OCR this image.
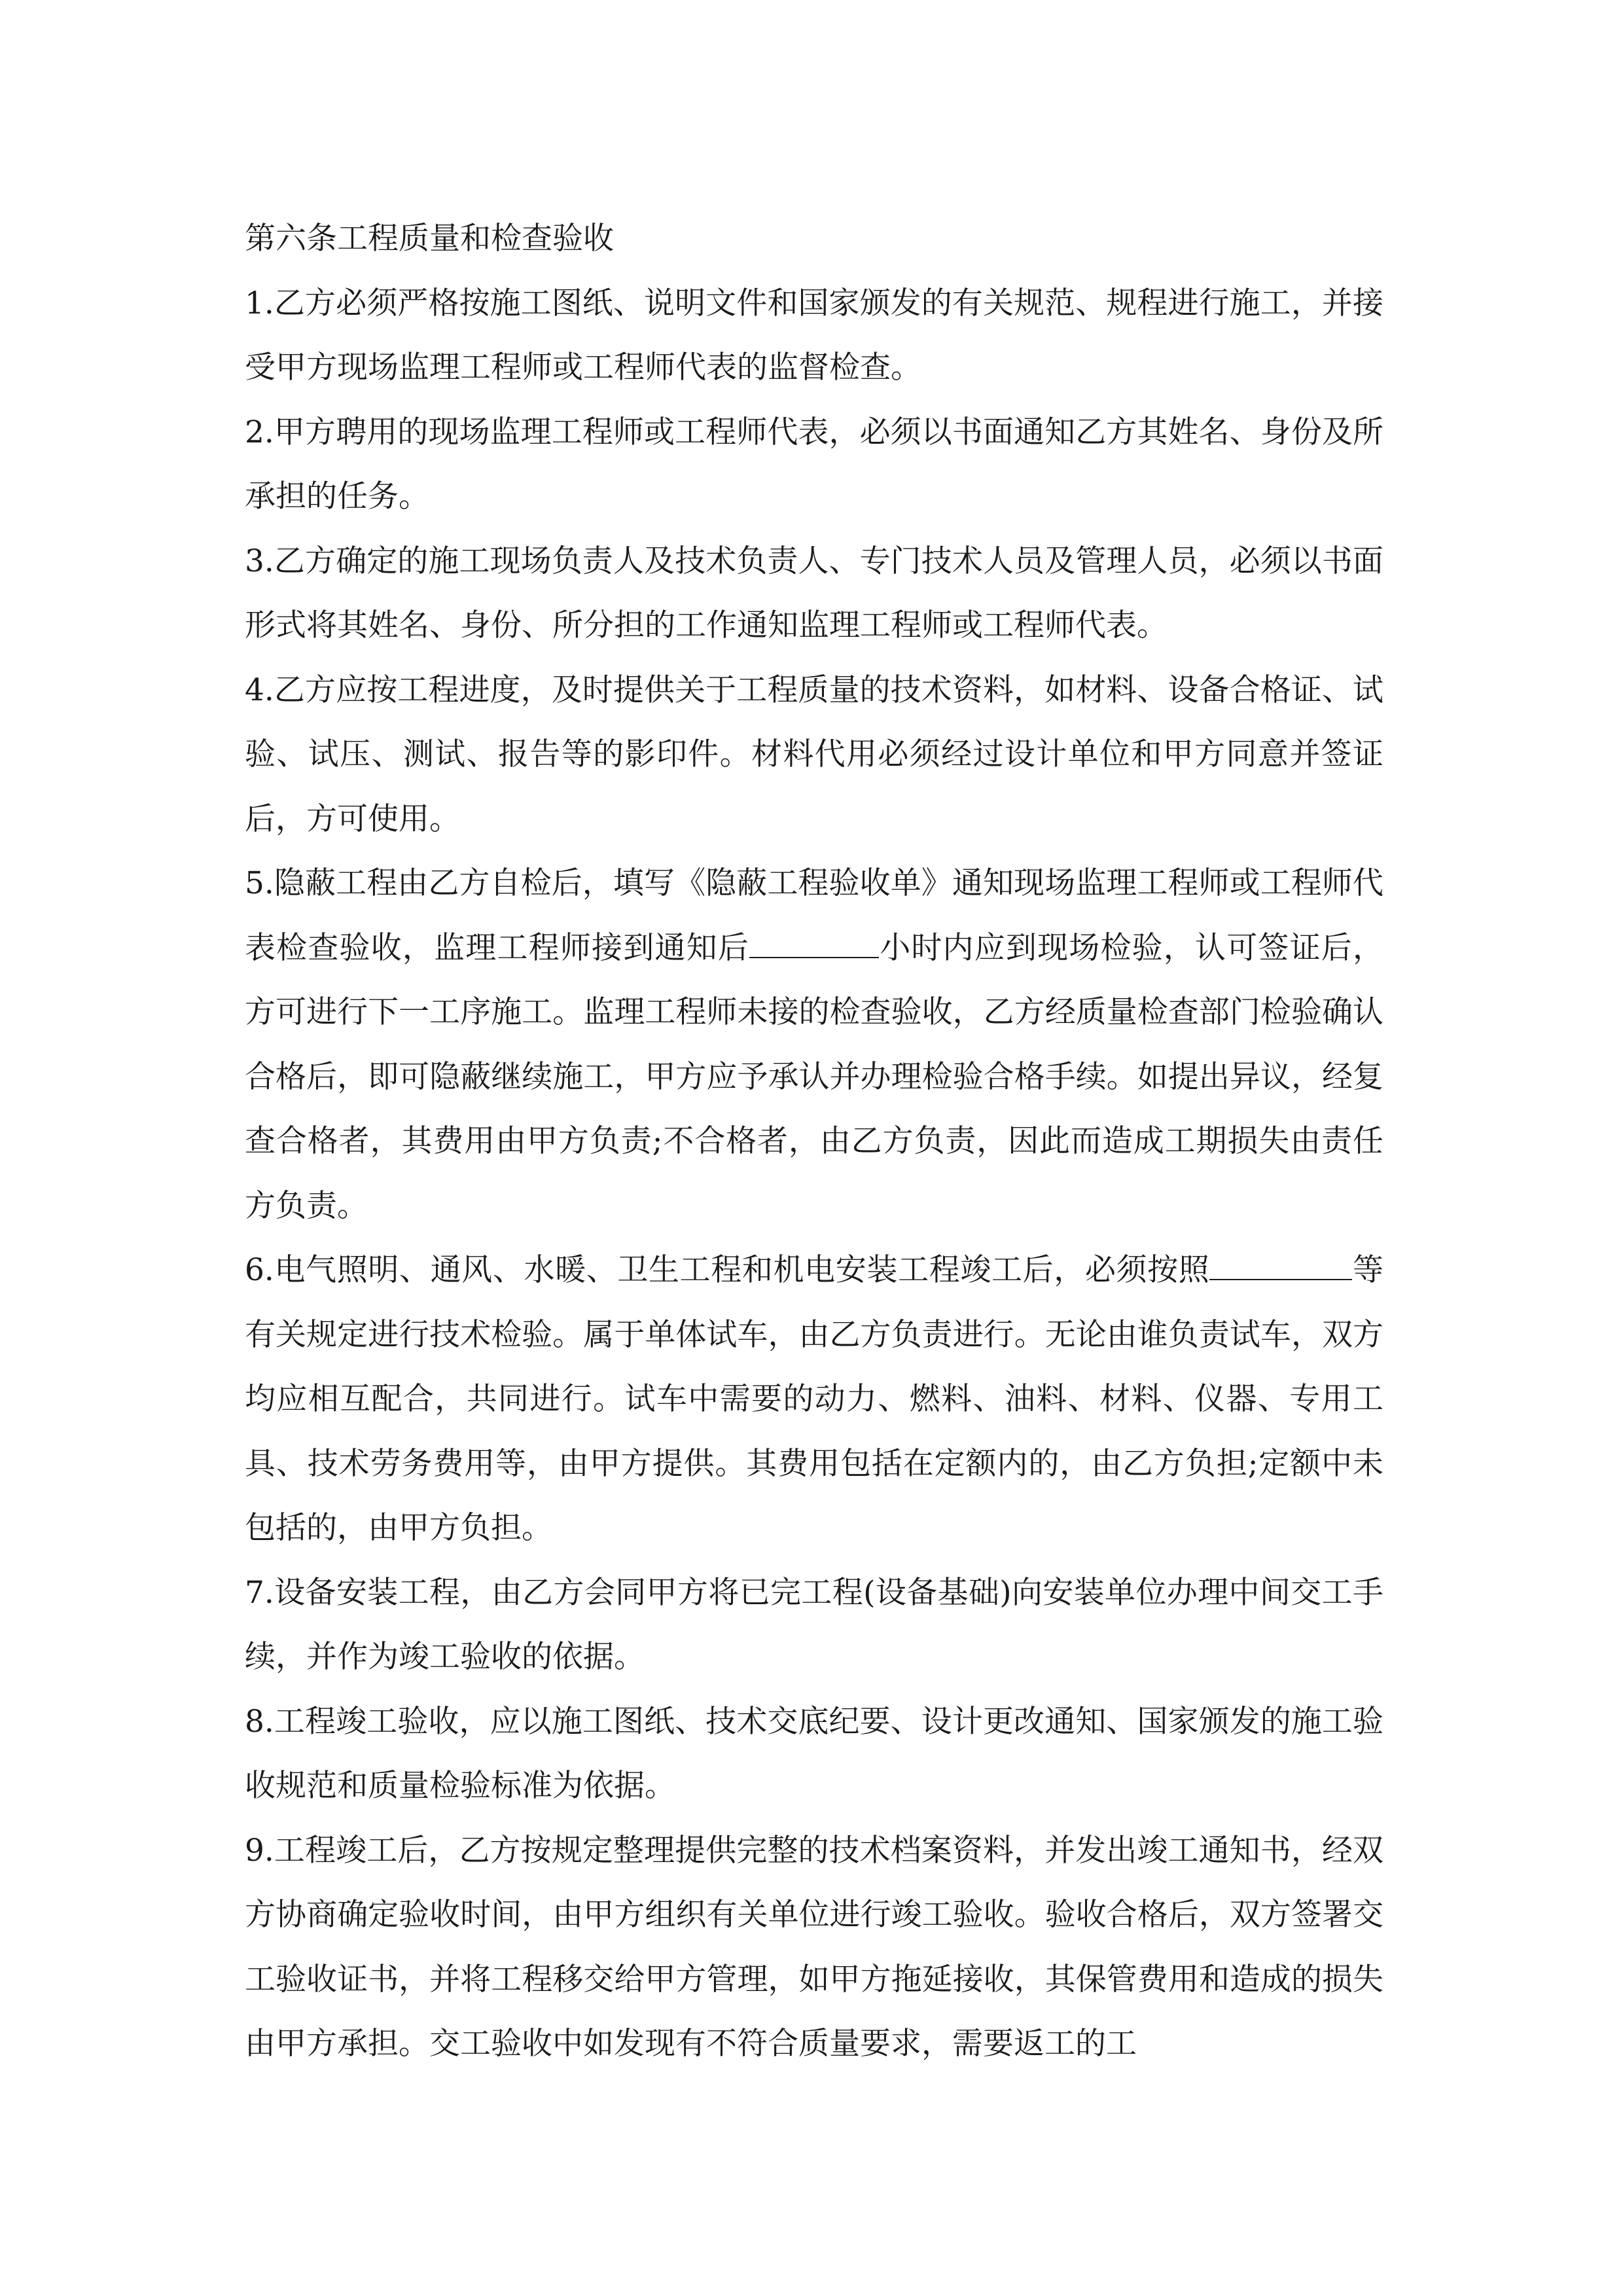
第六条工程质量和检查验收

1.乙方必须严格按施工图纸、说明文件和国家颁发的有关规范、规程进行施工，并接受甲方现场监理工程师或工程师代表的监督检查。

2.甲方聘用的现场监理工程师或工程师代表，必须以书面通知乙方其姓名、身份及所承担的任务。

3.乙方确定的施工现场负责人及技术负责人、专门技术人员及管理人员，必须以书面形式将其姓名、身份、所分担的工作通知监理工程师或工程师代表。

4.乙方应按工程进度，及时提供关于工程质量的技术资料，如材料、设备合格证、试验、试压、测试、报告等的影印件。材料代用必须经过设计单位和甲方同意并签证后，方可使用。

5.隐蔽工程由乙方自检后，填写《隐蔽工程验收单》通知现场监理工程师或工程师代表检查验收，监理工程师接到通知后	小时内应到现场检验，认可签证后，方可进行下一工序施工。监理工程师未接的检查验收，乙方经质量检查部门检验确认合格后，即可隐蔽继续施工，甲方应予承认并办理检验合格手续。如提出异议，经复查合格者，其费用由甲方负责;不合格者，由乙方负责，因此而造成工期损失由责任方负责。

6.电气照明、通风、水暖、卫生工程和机电安装工程竣工后，必须按照	等有关规定进行技术检验。属于单体试车，由乙方负责进行。无论由谁负责试车，双方均应相互配合，共同进行。试车中需要的动力、燃料、油料、材料、仪器、专用工具、技术劳务费用等，由甲方提供。其费用包括在定额内的，由乙方负担;定额中未包括的，由甲方负担。

7.设备安装工程，由乙方会同甲方将已完工程(设备基础)向安装单位办理中间交工手续，并作为竣工验收的依据。

8.工程竣工验收，应以施工图纸、技术交底纪要、设计更改通知、国家颁发的施工验收规范和质量检验标准为依据。

9.工程竣工后，乙方按规定整理提供完整的技术档案资料，并发出竣工通知书，经双方协商确定验收时间，由甲方组织有关单位进行竣工验收。验收合格后，双方签署交工验收证书，并将工程移交给甲方管理，如甲方拖延接收，其保管费用和造成的损失由甲方承担。交工验收中如发现有不符合质量要求，需要返工的工
